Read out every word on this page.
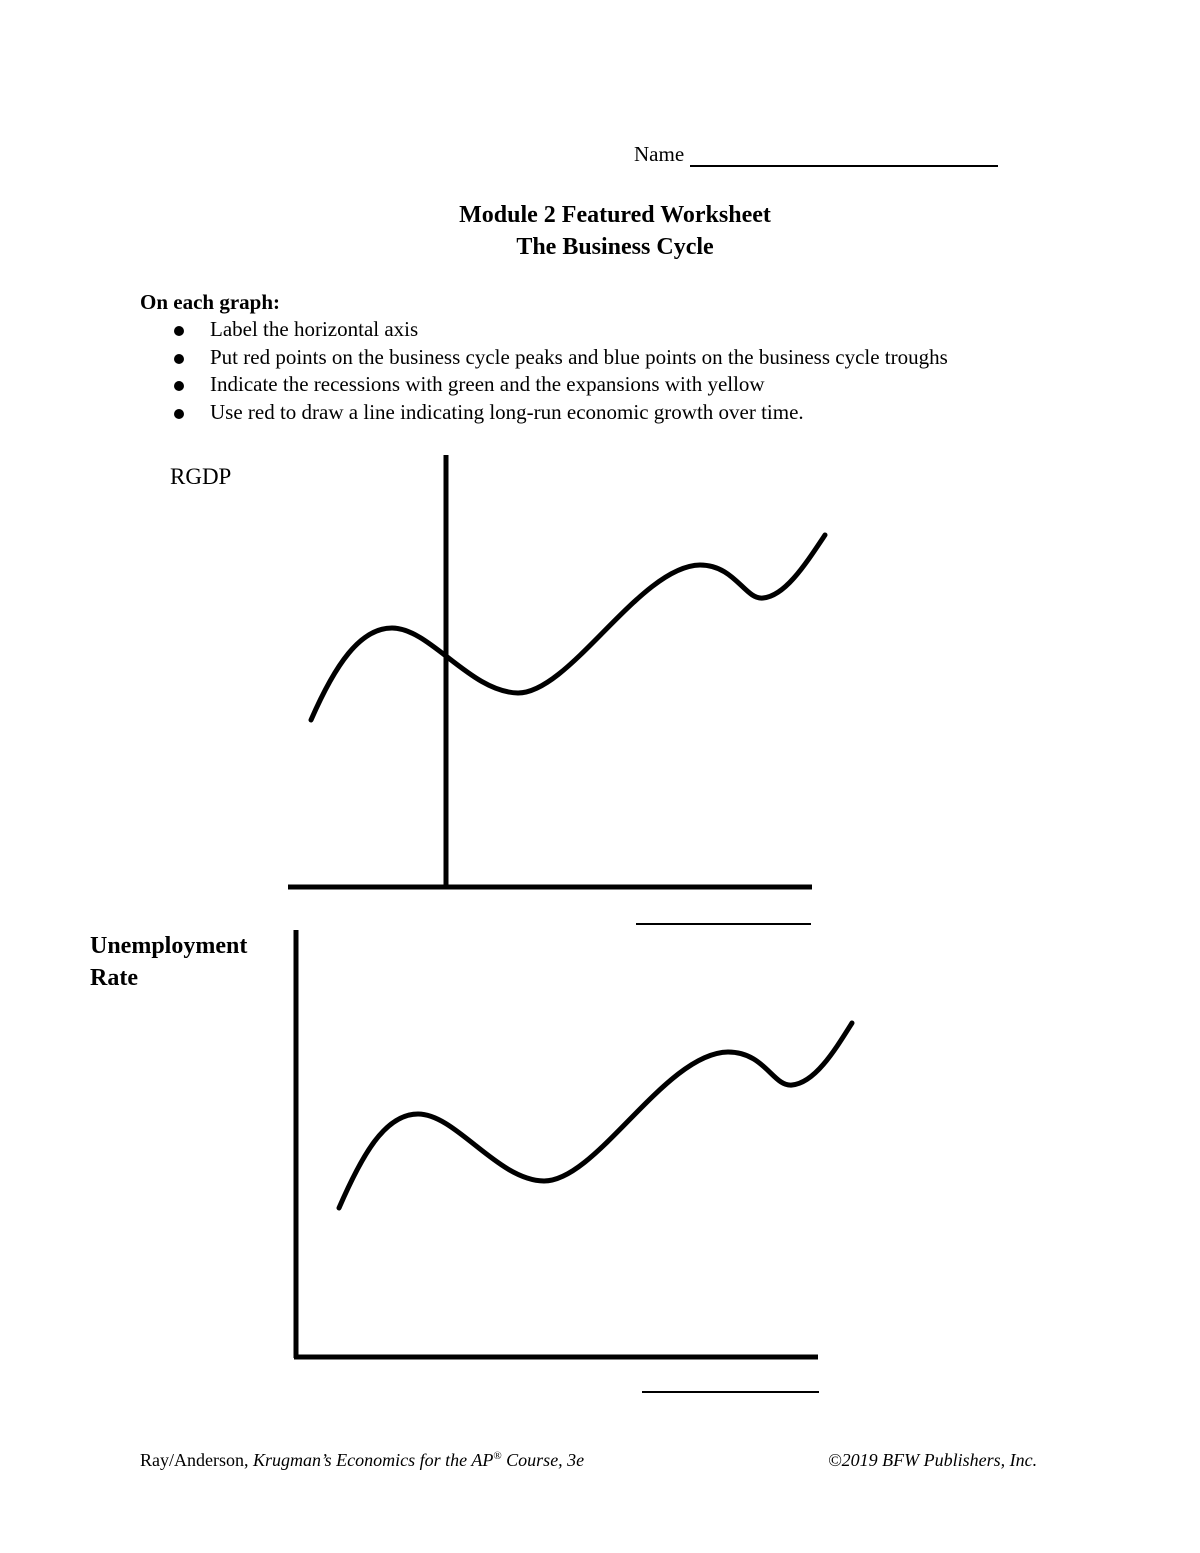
Name
Module 2 Featured Worksheet
The Business Cycle
On each graph:
Label the horizontal axis
Put red points on the business cycle peaks and blue points on the business cycle troughs
Indicate the recessions with green and the expansions with yellow
Use red to draw a line indicating long-run economic growth over time.
RGDP
Unemployment
Rate
Ray/Anderson, Krugman’s Economics for the AP® Course, 3e	©2019 BFW Publishers, Inc.
